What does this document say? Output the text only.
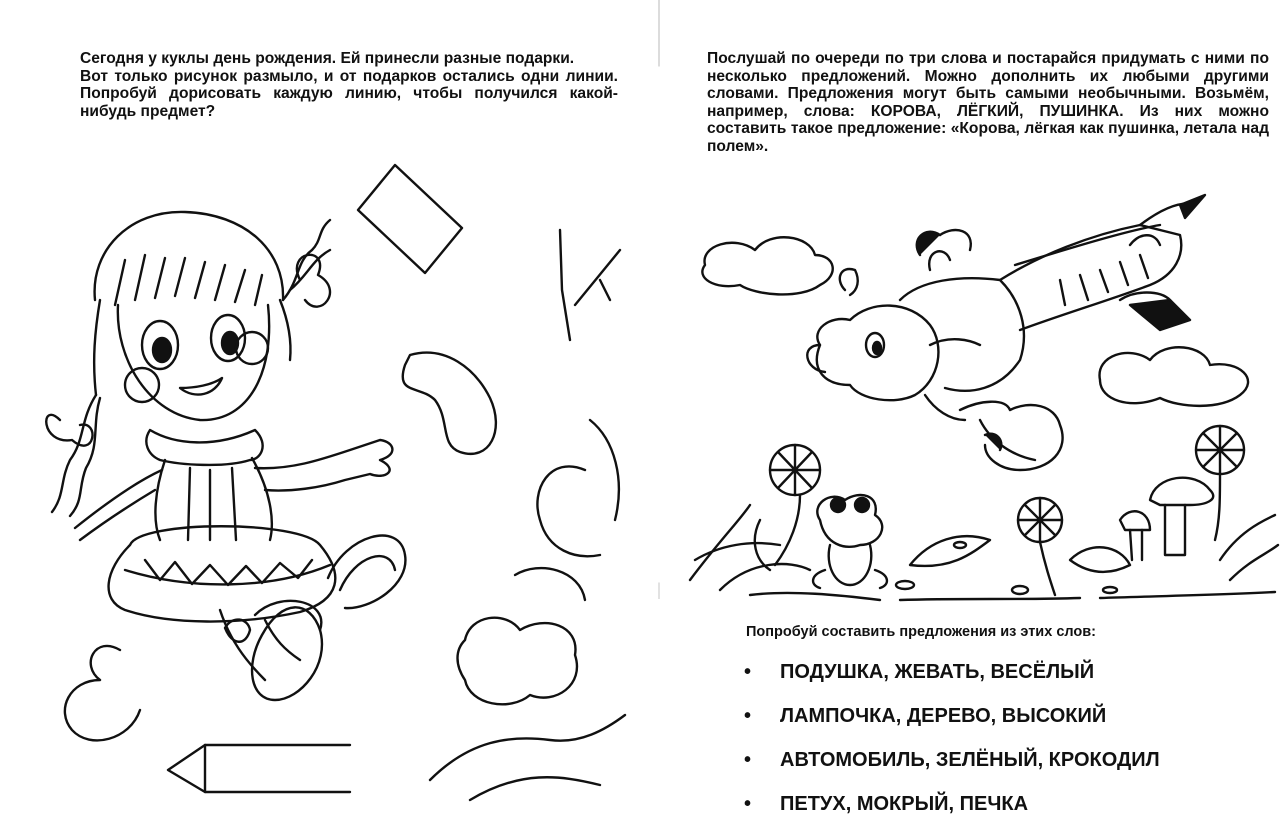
Сегодня у куклы день рождения. Ей принесли разные подарки.

Вот только рисунок размыло, и от подарков остались одни линии. Попробуй дорисовать каждую линию, чтобы получился какой-нибудь предмет?

Послушай по очереди по три слова и постарайся придумать с ними по несколько предложений. Можно дополнить их любыми другими словами. Предложения могут быть самыми необычными. Возьмём, например, слова: КОРОВА, ЛЁГКИЙ, ПУШИНКА. Из них можно составить такое предложение: «Корова, лёгкая как пушинка, летала над полем».

Попробуй составить предложения из этих слов:
•	ПОДУШКА, ЖЕВАТЬ, ВЕСЁЛЫЙ
•	ЛАМПОЧКА, ДЕРЕВО, ВЫСОКИЙ
•	АВТОМОБИЛЬ, ЗЕЛЁНЫЙ, КРОКОДИЛ
•	ПЕТУХ, МОКРЫЙ, ПЕЧКА
